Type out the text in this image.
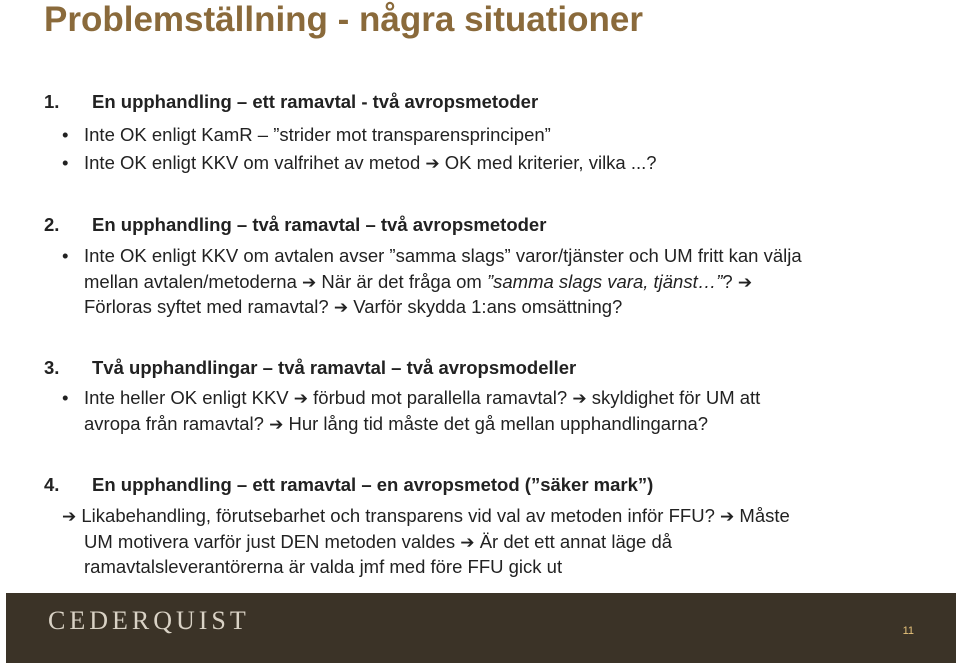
Problemställning - några situationer
1. En upphandling – ett ramavtal - två avropsmetoder
• Inte OK enligt KamR – ”strider mot transparensprincipen”
• Inte OK enligt KKV om valfrihet av metod ➔ OK med kriterier, vilka ...?
2. En upphandling – två ramavtal – två avropsmetoder
• Inte OK enligt KKV om avtalen avser ”samma slags” varor/tjänster och UM fritt kan välja
mellan avtalen/metoderna ➔ När är det fråga om ”samma slags vara, tjänst…”? ➔
Förloras syftet med ramavtal? ➔ Varför skydda 1:ans omsättning?
3. Två upphandlingar – två ramavtal – två avropsmodeller
• Inte heller OK enligt KKV ➔ förbud mot parallella ramavtal? ➔ skyldighet för UM att
avropa från ramavtal? ➔ Hur lång tid måste det gå mellan upphandlingarna?
4. En upphandling – ett ramavtal – en avropsmetod (”säker mark”)
➔ Likabehandling, förutsebarhet och transparens vid val av metoden inför FFU? ➔ Måste
UM motivera varför just DEN metoden valdes ➔ Är det ett annat läge då
ramavtalsleverantörerna är valda jmf med före FFU gick ut
CEDERQUIST	11
